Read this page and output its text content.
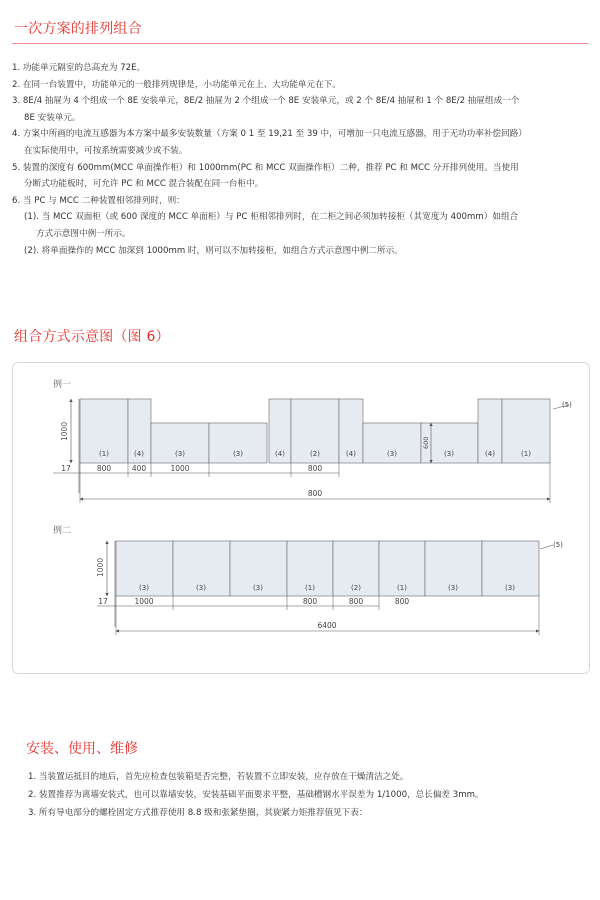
一次方案的排列组合

1. 功能单元隔室的总高充为 72E。

2. 在同一台装置中，功能单元的一般排列规律是，小功能单元在上、大功能单元在下。

3. 8E/4 抽屉为 4 个组成一个 8E 安装单元，8E/2 抽屉为 2 个组成一个 8E 安装单元，或 2 个 8E/4 抽屉和 1 个 8E/2 抽屉组成一个

8E 安装单元。

4. 方案中所画的电流互感器为本方案中最多安装数量（方案 0 1 至 19,21 至 39 中，可增加一只电流互感器，用于无功功率补偿回路）

在实际使用中，可按系统需要减少或不装。

5. 装置的深度有 600mm(MCC 单面操作柜）和 1000mm(PC 和 MCC 双面操作柜）二种，推荐 PC 和 MCC 分开排列使用。当使用

分断式功能板时，可允许 PC 和 MCC 混合装配在同一台柜中。

6. 当 PC 与 MCC 二种装置相邻排列时，则：

(1). 当 MCC 双面柜（或 600 深度的 MCC 单面柜）与 PC 柜相邻排列时，在二柜之间必须加转接柜（其宽度为 400mm）如组合

方式示意图中例一所示。

(2). 将单面操作的 MCC 加深到 1000mm 时，则可以不加转接柜，如组合方式示意图中例二所示。

组合方式示意图（图 6）
例一
1000
(1)	(4)	(3)	(3)	(4)	(2)	(4)	(3)	(3)	(4)	(1)
600
(5)
17	800	400	1000	800
800
例二
1000
(3)	(3)	(3)	(1)	(2)	(1)	(3)	(3)
(5)
17	1000	800	800	800
6400
安装、使用、维修

1. 当装置运抵目的地后，首先应检查包装箱是否完整，若装置不立即安装，应存放在干燥清洁之处。

2. 装置推荐为离墙安装式，也可以靠墙安装，安装基础平面要求平整，基础槽钢水平误差为 1/1000，总长偏差 3mm。

3. 所有导电部分的螺栓固定方式推荐使用 8.8 级和张紧垫圈，其旋紧力矩推荐值见下表：
